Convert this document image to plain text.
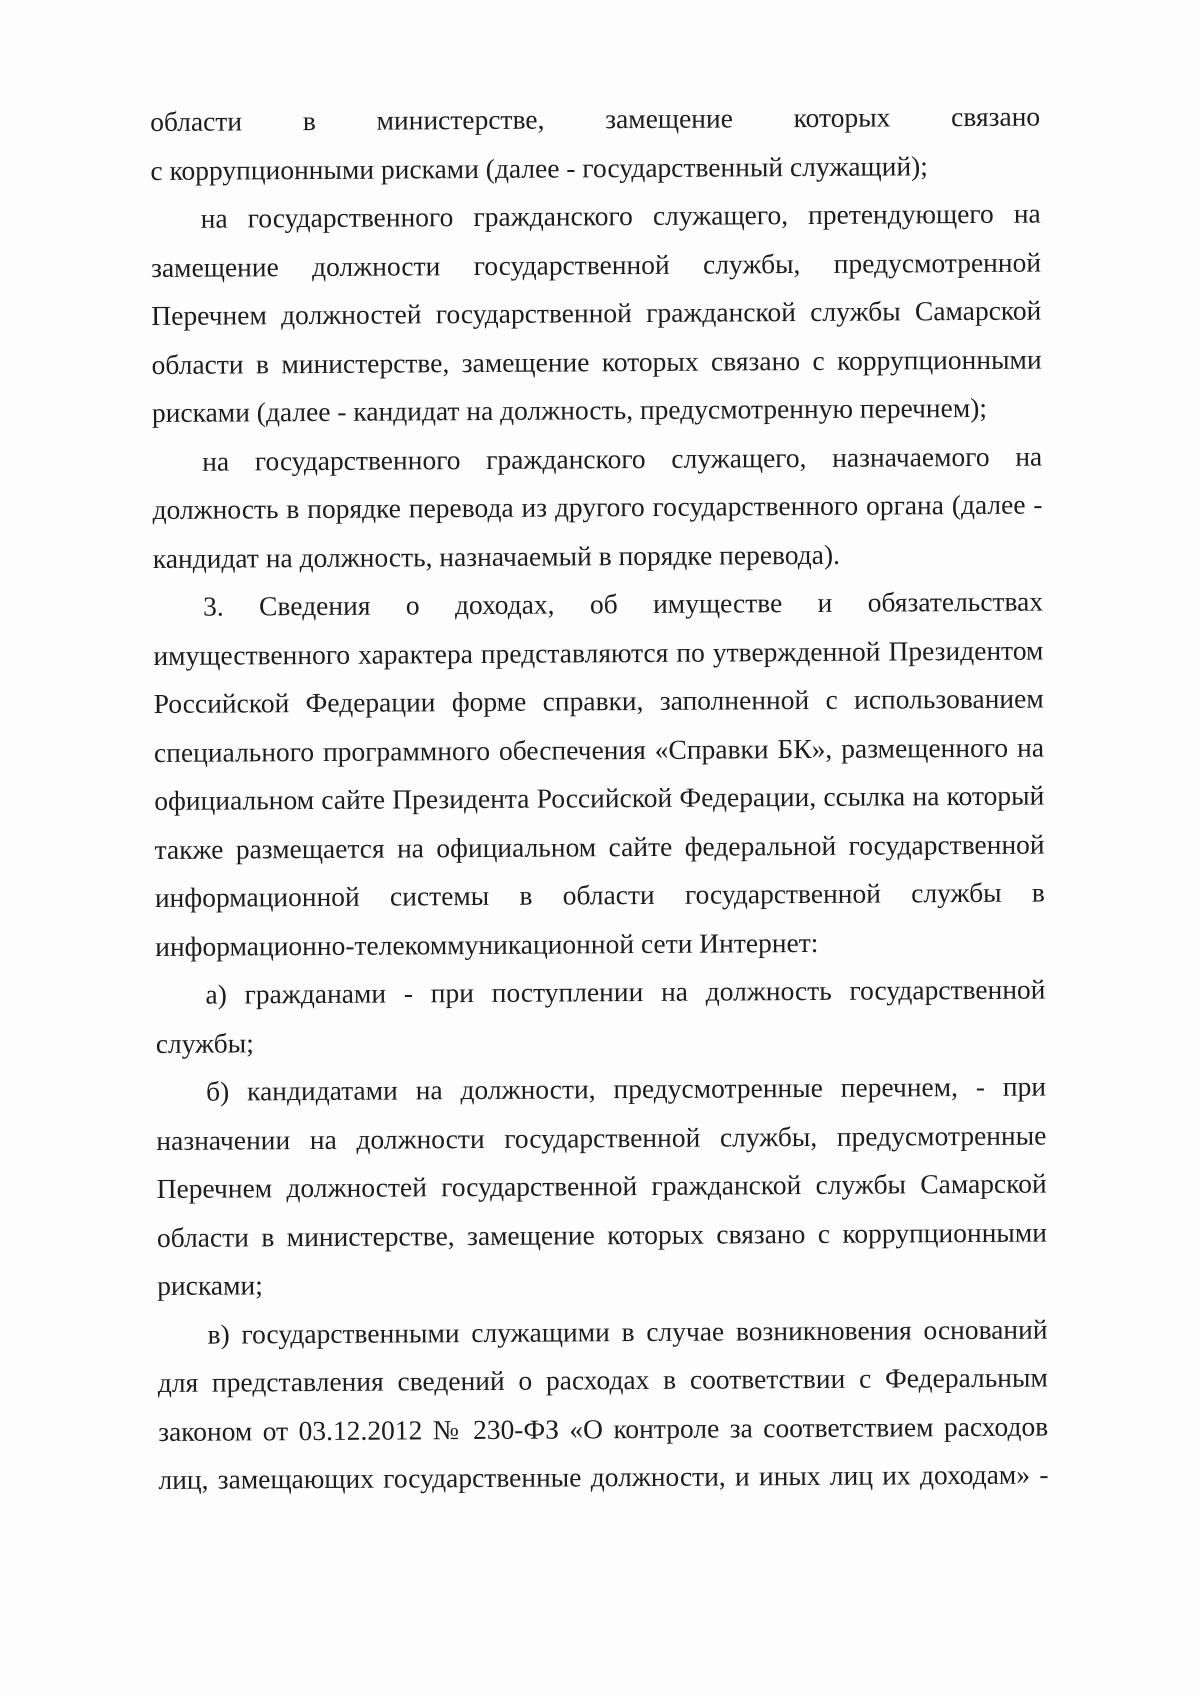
области в министерстве, замещение которых связано
с коррупционными рисками (далее - государственный служащий);

на государственного гражданского служащего, претендующего на замещение должности государственной службы, предусмотренной Перечнем должностей государственной гражданской службы Самарской области в министерстве, замещение которых связано с коррупционными рисками (далее - кандидат на должность, предусмотренную перечнем);

на государственного гражданского служащего, назначаемого на должность в порядке перевода из другого государственного органа (далее - кандидат на должность, назначаемый в порядке перевода).

3. Сведения о доходах, об имуществе и обязательствах имущественного характера представляются по утвержденной Президентом Российской Федерации форме справки, заполненной с использованием специального программного обеспечения «Справки БК», размещенного на официальном сайте Президента Российской Федерации, ссылка на который также размещается на официальном сайте федеральной государственной информационной системы в области государственной службы в информационно-телекоммуникационной сети Интернет:

а) гражданами - при поступлении на должность государственной службы;

б) кандидатами на должности, предусмотренные перечнем, - при назначении на должности государственной службы, предусмотренные Перечнем должностей государственной гражданской службы Самарской области в министерстве, замещение которых связано с коррупционными рисками;

в) государственными служащими в случае возникновения оснований для представления сведений о расходах в соответствии с Федеральным законом от 03.12.2012 № 230-ФЗ «О контроле за соответствием расходов лиц, замещающих государственные должности, и иных лиц их доходам» -
